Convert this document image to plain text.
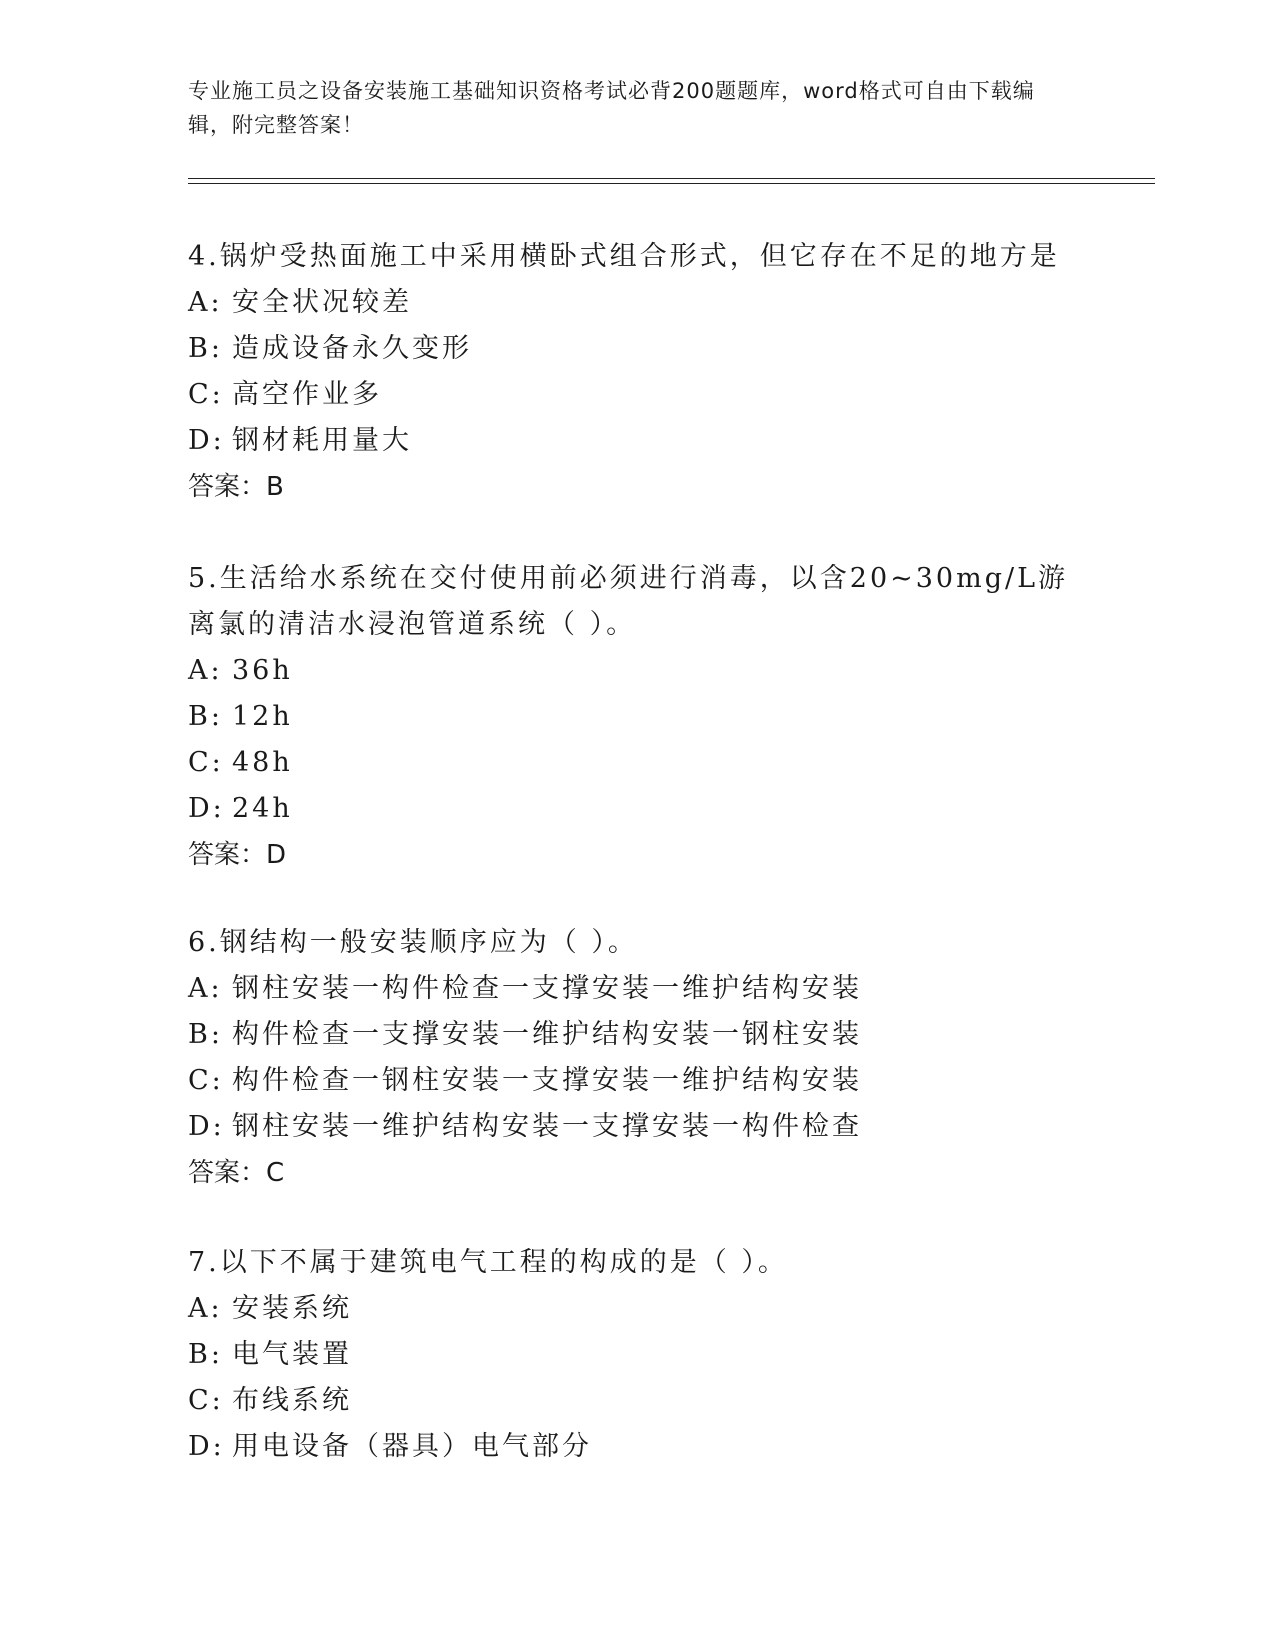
专业施工员之设备安装施工基础知识资格考试必背200题题库，word格式可自由下载编辑，附完整答案！

4.锅炉受热面施工中采用横卧式组合形式，但它存在不足的地方是

A: 安全状况较差

B: 造成设备永久变形

C: 高空作业多

D: 钢材耗用量大

答案：B

5.生活给水系统在交付使用前必须进行消毒，以含20~30mg/L游离氯的清洁水浸泡管道系统（ ）。

A: 36h

B: 12h

C: 48h

D: 24h

答案：D

6.钢结构一般安装顺序应为（ ）。

A: 钢柱安装一构件检查一支撑安装一维护结构安装

B: 构件检查一支撑安装一维护结构安装一钢柱安装

C: 构件检查一钢柱安装一支撑安装一维护结构安装

D: 钢柱安装一维护结构安装一支撑安装一构件检查

答案：C

7.以下不属于建筑电气工程的构成的是（ ）。

A: 安装系统

B: 电气装置

C: 布线系统

D: 用电设备（器具）电气部分
